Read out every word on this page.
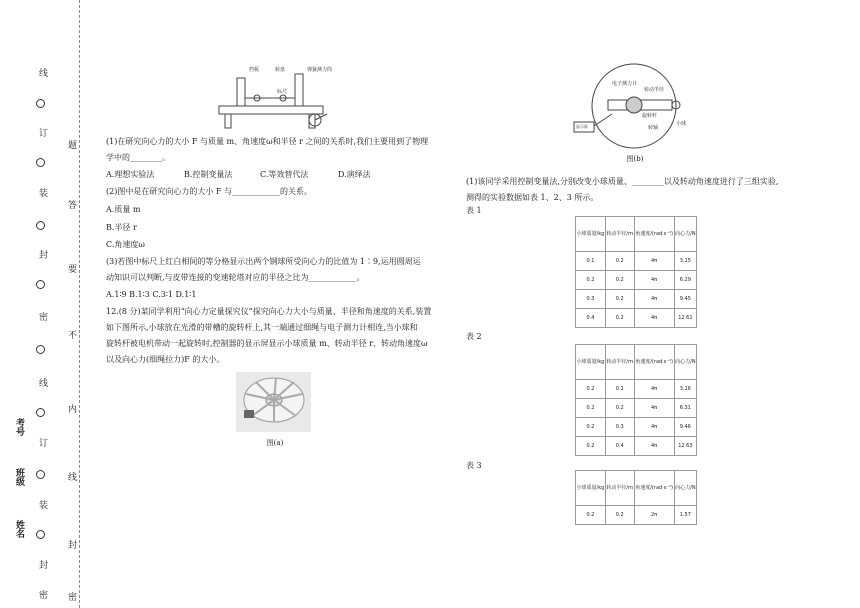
线
订
装
封
密
线
订
装
封
密
考号
班级
姓名
题
答
要
不
内
线
封
密
挡板	转盘	弹簧测力筒
标尺
(1)在研究向心力的大小 F 与质量 m、角速度ω和半径 r 之间的关系时,我们主要用到了物理
学中的________。
A.理想实验法	B.控制变量法	C.等效替代法	D.演绎法
(2)图中是在研究向心力的大小 F 与____________的关系。
A.质量 m
B.半径 r
C.角速度ω
(3)若图中标尺上红白相间的等分格显示出两个钢球所受向心力的比值为 1∶9,运用圆周运
动知识可以判断,与皮带连接的变速轮塔对应的半径之比为____________。
A.1∶9 B.1∶3 C.3∶1 D.1∶1
12.(8 分)某同学利用“向心力定量探究仪”探究向心力大小与质量、半径和角速度的关系,装置
如下图所示,小球放在光滑的带槽的旋转杆上,其一端通过细绳与电子测力计相连,当小球和
旋转杆被电机带动一起旋转时,控制器的显示屏显示小球质量 m、转动半径 r、转动角速度ω
以及向心力(细绳拉力)F 的大小。
图(a)
电子测力计
转动半径
旋转杆
转轴
小球
显示屏
图(b)
(1)该同学采用控制变量法,分别改变小球质量、________以及转动角速度进行了三组实验,
测得的实验数据如表 1、2、3 所示。
表 1
小球质量/kg	转动半径/m	角速度/(rad·s⁻¹)	向心力/N
0.1	0.2	4π	3.15
0.2	0.2	4π	6.29
0.3	0.2	4π	9.45
0.4	0.2	4π	12.61
表 2
小球质量/kg	转动半径/m	角速度/(rad·s⁻¹)	向心力/N
0.2	0.1	4π	3.16
0.2	0.2	4π	6.31
0.2	0.3	4π	9.46
0.2	0.4	4π	12.63
表 3
小球质量/kg	转动半径/m	角速度/(rad·s⁻¹)	向心力/N
0.2	0.2	2π	1.57
